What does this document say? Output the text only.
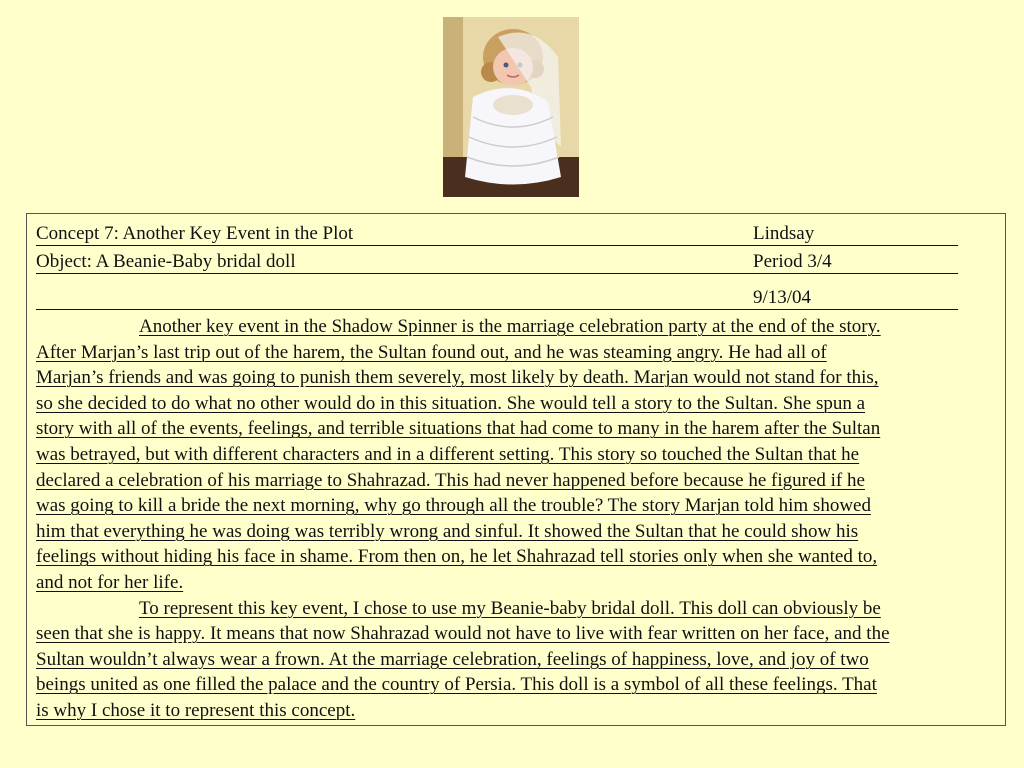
Concept 7: Another Key Event in the Plot	Lindsay
Object: A Beanie-Baby bridal doll	Period 3/4
9/13/04
Another key event in the Shadow Spinner is the marriage celebration party at the end of the story.
After Marjan’s last trip out of the harem, the Sultan found out, and he was steaming angry. He had all of
Marjan’s friends and was going to punish them severely, most likely by death. Marjan would not stand for this,
so she decided to do what no other would do in this situation. She would tell a story to the Sultan. She spun a
story with all of the events, feelings, and terrible situations that had come to many in the harem after the Sultan
was betrayed, but with different characters and in a different setting. This story so touched the Sultan that he
declared a celebration of his marriage to Shahrazad. This had never happened before because he figured if he
was going to kill a bride the next morning, why go through all the trouble? The story Marjan told him showed
him that everything he was doing was terribly wrong and sinful. It showed the Sultan that he could show his
feelings without hiding his face in shame. From then on, he let Shahrazad tell stories only when she wanted to,
and not for her life.
To represent this key event, I chose to use my Beanie-baby bridal doll. This doll can obviously be
seen that she is happy. It means that now Shahrazad would not have to live with fear written on her face, and the
Sultan wouldn’t always wear a frown. At the marriage celebration, feelings of happiness, love, and joy of two
beings united as one filled the palace and the country of Persia. This doll is a symbol of all these feelings. That
is why I chose it to represent this concept.
